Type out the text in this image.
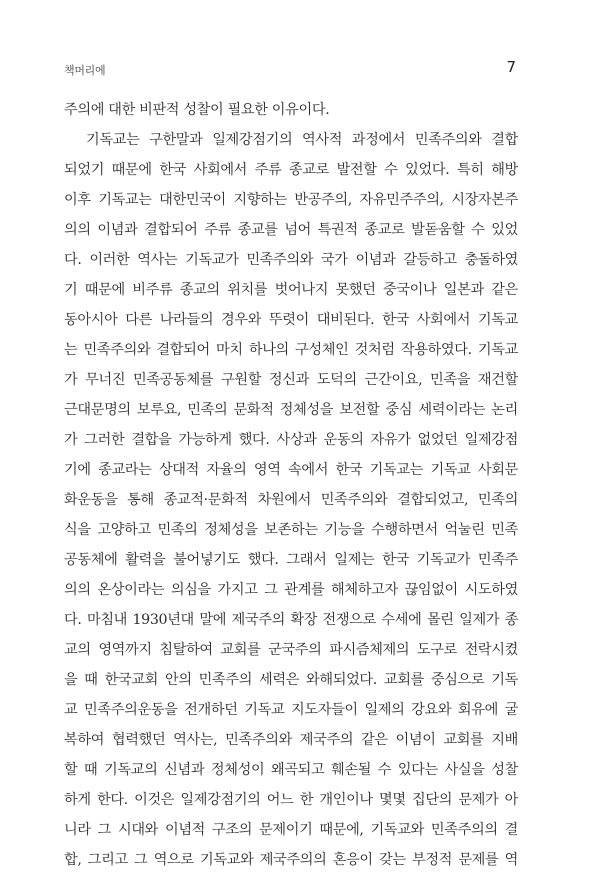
책머리에	7
주의에 대한 비판적 성찰이 필요한 이유이다.
기독교는 구한말과 일제강점기의 역사적 과정에서 민족주의와 결합
되었기 때문에 한국 사회에서 주류 종교로 발전할 수 있었다. 특히 해방
이후 기독교는 대한민국이 지향하는 반공주의, 자유민주주의, 시장자본주
의의 이념과 결합되어 주류 종교를 넘어 특권적 종교로 발돋움할 수 있었
다. 이러한 역사는 기독교가 민족주의와 국가 이념과 갈등하고 충돌하였
기 때문에 비주류 종교의 위치를 벗어나지 못했던 중국이나 일본과 같은
동아시아 다른 나라들의 경우와 뚜렷이 대비된다. 한국 사회에서 기독교
는 민족주의와 결합되어 마치 하나의 구성체인 것처럼 작용하였다. 기독교
가 무너진 민족공동체를 구원할 정신과 도덕의 근간이요, 민족을 재건할
근대문명의 보루요, 민족의 문화적 정체성을 보전할 중심 세력이라는 논리
가 그러한 결합을 가능하게 했다. 사상과 운동의 자유가 없었던 일제강점
기에 종교라는 상대적 자율의 영역 속에서 한국 기독교는 기독교 사회문
화운동을 통해 종교적·문화적 차원에서 민족주의와 결합되었고, 민족의
식을 고양하고 민족의 정체성을 보존하는 기능을 수행하면서 억눌린 민족
공동체에 활력을 불어넣기도 했다. 그래서 일제는 한국 기독교가 민족주
의의 온상이라는 의심을 가지고 그 관계를 해체하고자 끊임없이 시도하였
다. 마침내 1930년대 말에 제국주의 확장 전쟁으로 수세에 몰린 일제가 종
교의 영역까지 침탈하여 교회를 군국주의 파시즘체제의 도구로 전락시켰
을 때 한국교회 안의 민족주의 세력은 와해되었다. 교회를 중심으로 기독
교 민족주의운동을 전개하던 기독교 지도자들이 일제의 강요와 회유에 굴
복하여 협력했던 역사는, 민족주의와 제국주의 같은 이념이 교회를 지배
할 때 기독교의 신념과 정체성이 왜곡되고 훼손될 수 있다는 사실을 성찰
하게 한다. 이것은 일제강점기의 어느 한 개인이나 몇몇 집단의 문제가 아
니라 그 시대와 이념적 구조의 문제이기 때문에, 기독교와 민족주의의 결
합, 그리고 그 역으로 기독교와 제국주의의 혼응이 갖는 부정적 문제를 역
